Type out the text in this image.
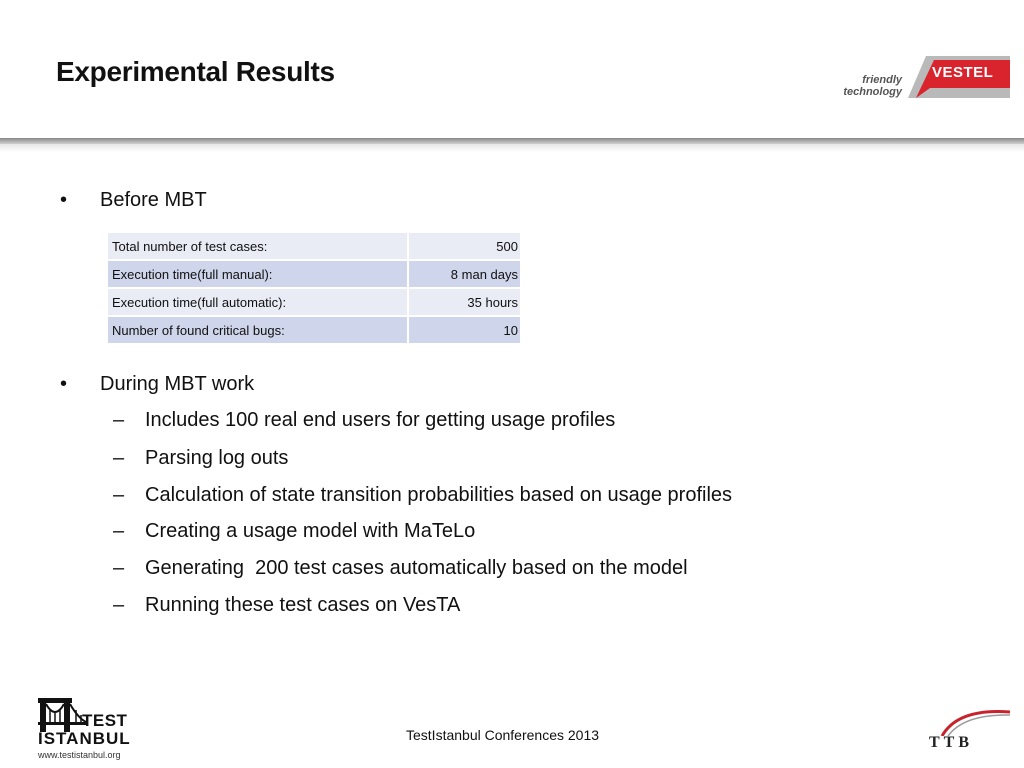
Experimental Results	friendly
technology
VESTEL
• Before MBT
Total number of test cases:	500
Execution time(full manual):	8 man days
Execution time(full automatic):	35 hours
Number of found critical bugs:	10
• During MBT work
– Includes 100 real end users for getting usage profiles
– Parsing log outs
– Calculation of state transition probabilities based on usage profiles
– Creating a usage model with MaTeLo
– Generating  200 test cases automatically based on the model
– Running these test cases on VesTA
TEST
ISTANBUL
www.testistanbul.org
TestIstanbul Conferences 2013	TTB
